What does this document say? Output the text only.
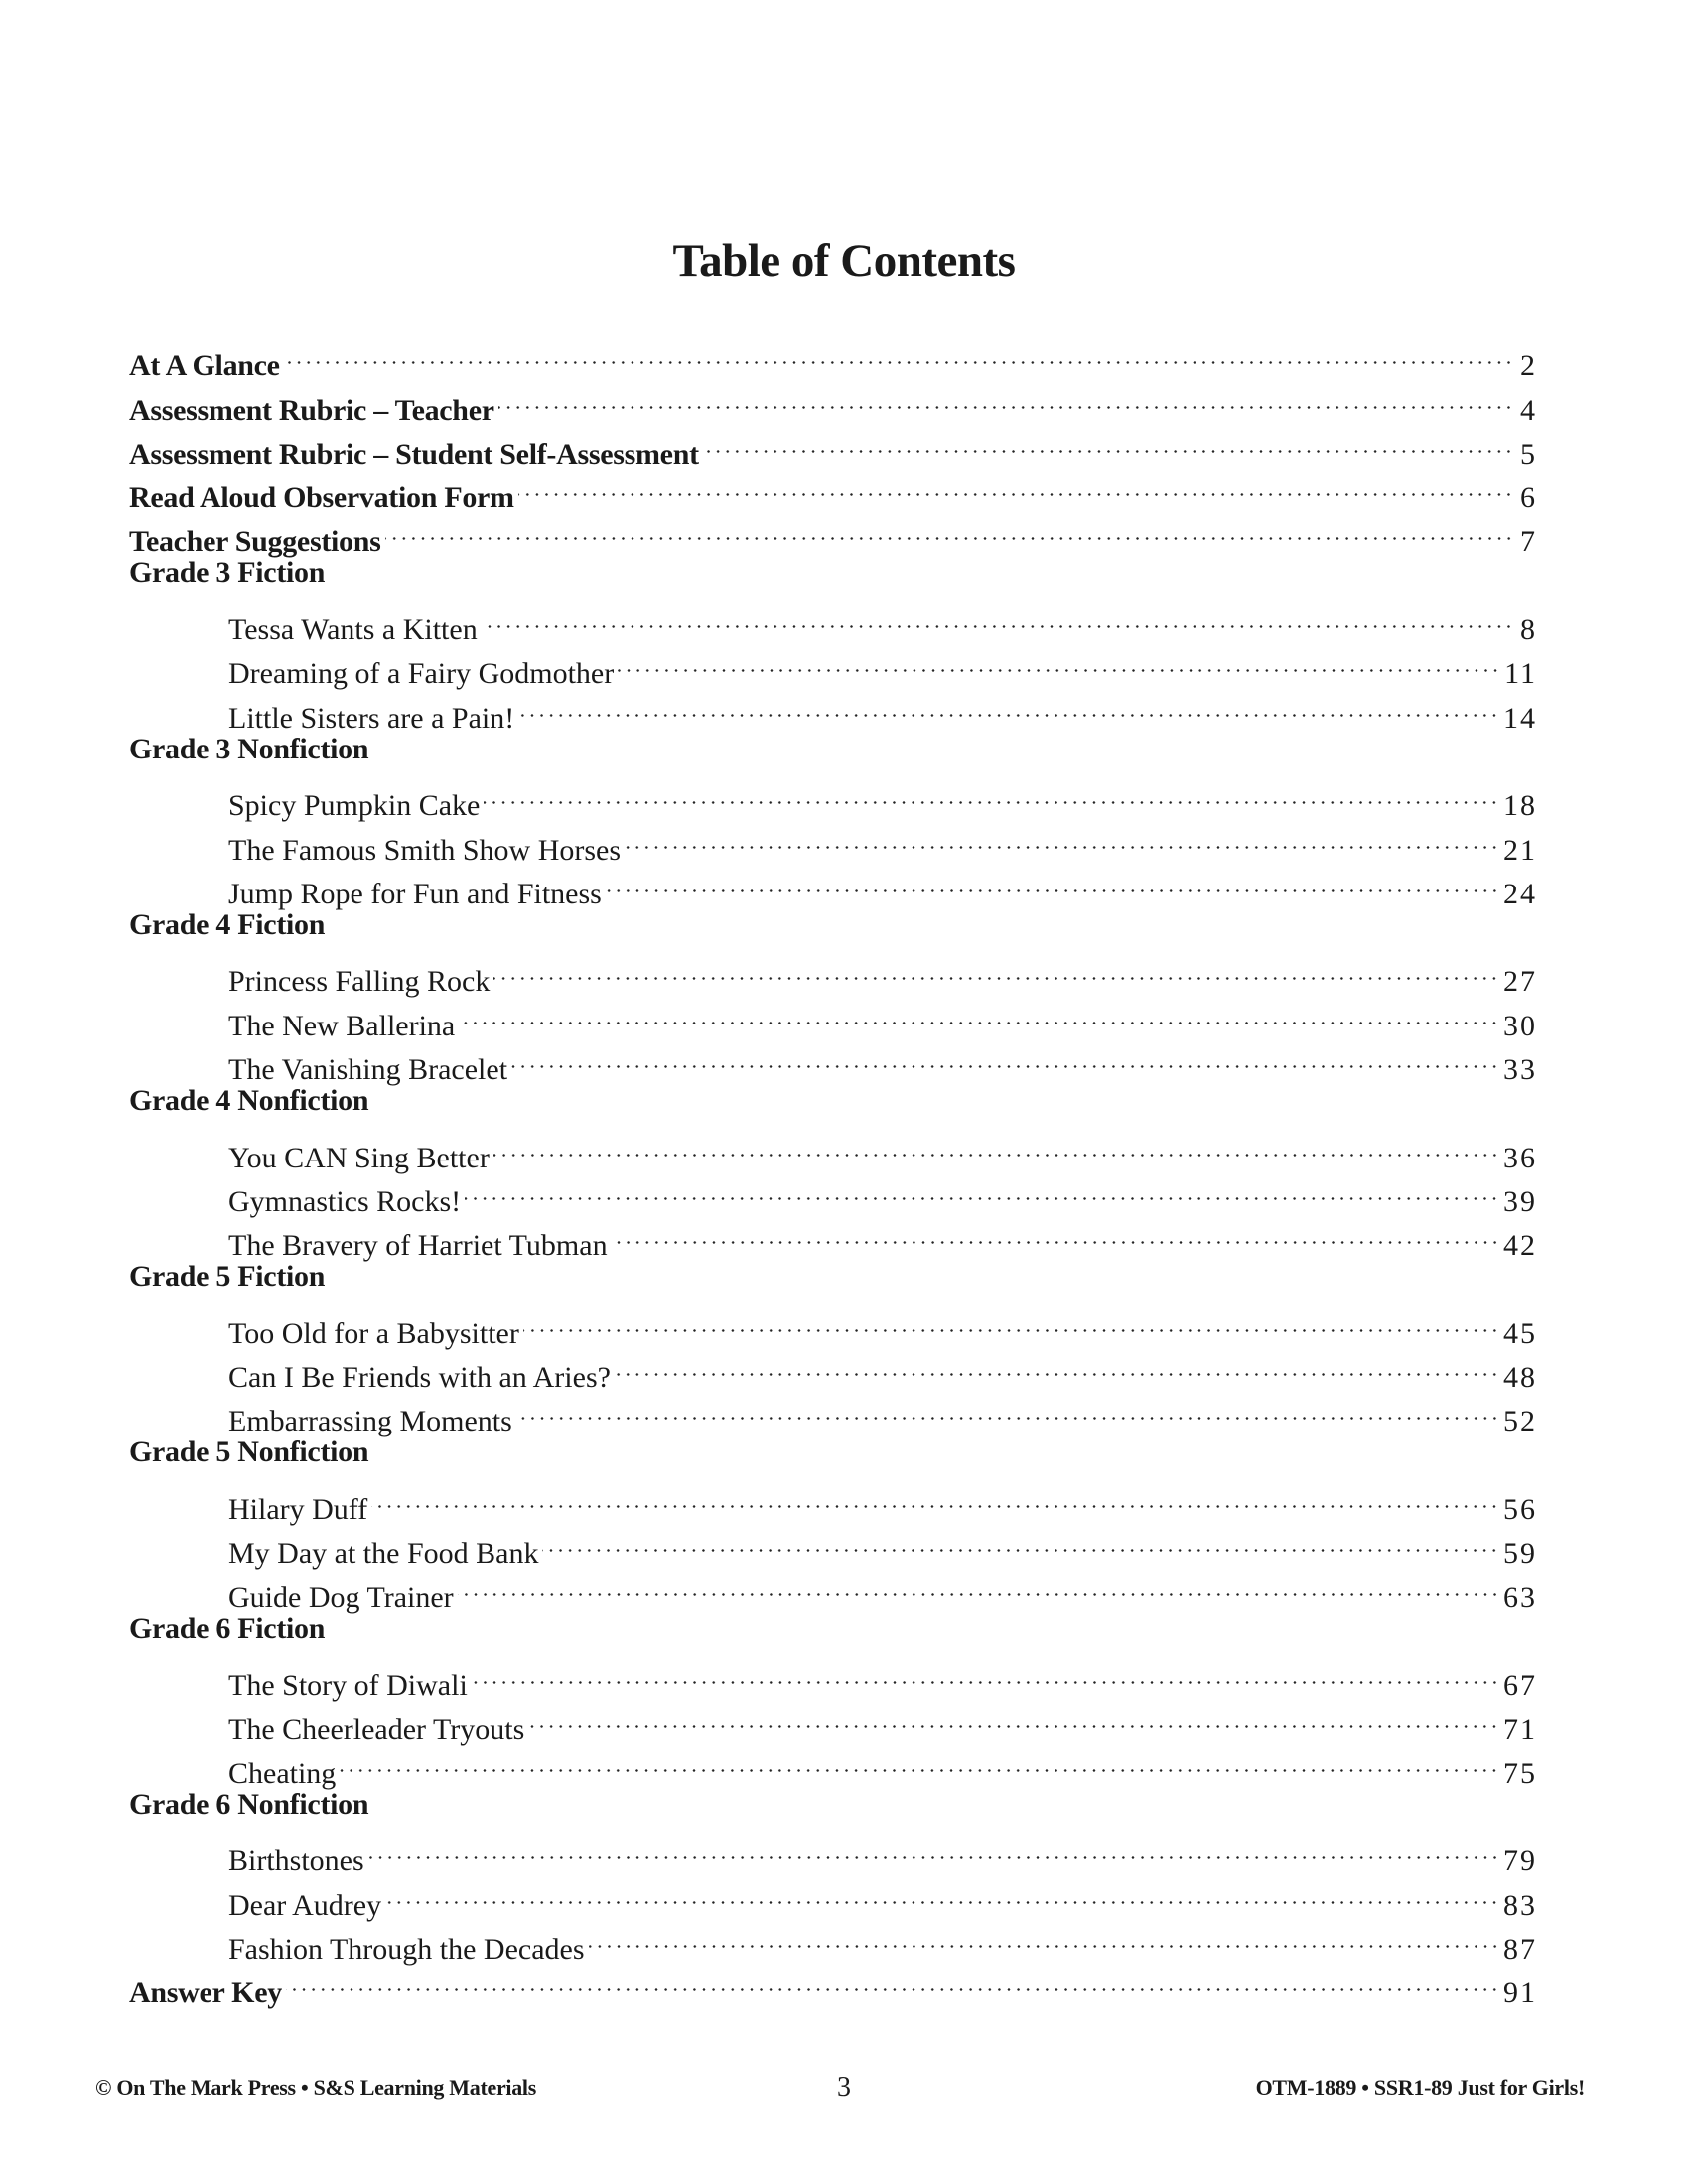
Table of Contents
At A Glance	2
Assessment Rubric – Teacher	4
Assessment Rubric – Student Self-Assessment	5
Read Aloud Observation Form	6
Teacher Suggestions	7
Grade 3 Fiction
Tessa Wants a Kitten	8
Dreaming of a Fairy Godmother	11
Little Sisters are a Pain!	14
Grade 3 Nonfiction
Spicy Pumpkin Cake	18
The Famous Smith Show Horses	21
Jump Rope for Fun and Fitness	24
Grade 4 Fiction
Princess Falling Rock	27
The New Ballerina	30
The Vanishing Bracelet	33
Grade 4 Nonfiction
You CAN Sing Better	36
Gymnastics Rocks!	39
The Bravery of Harriet Tubman	42
Grade 5 Fiction
Too Old for a Babysitter	45
Can I Be Friends with an Aries?	48
Embarrassing Moments	52
Grade 5 Nonfiction
Hilary Duff	56
My Day at the Food Bank	59
Guide Dog Trainer	63
Grade 6 Fiction
The Story of Diwali	67
The Cheerleader Tryouts	71
Cheating	75
Grade 6 Nonfiction
Birthstones	79
Dear Audrey	83
Fashion Through the Decades	87
Answer Key	91
© On The Mark Press • S&S Learning Materials	3	OTM-1889 • SSR1-89 Just for Girls!
